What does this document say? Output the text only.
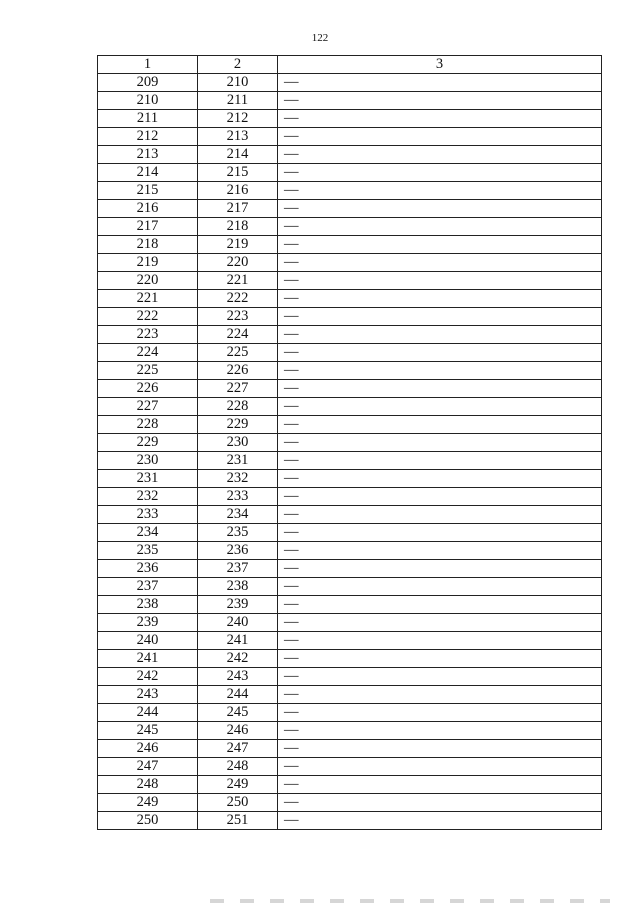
122
1	2	3
209	210	—
210	211	—
211	212	—
212	213	—
213	214	—
214	215	—
215	216	—
216	217	—
217	218	—
218	219	—
219	220	—
220	221	—
221	222	—
222	223	—
223	224	—
224	225	—
225	226	—
226	227	—
227	228	—
228	229	—
229	230	—
230	231	—
231	232	—
232	233	—
233	234	—
234	235	—
235	236	—
236	237	—
237	238	—
238	239	—
239	240	—
240	241	—
241	242	—
242	243	—
243	244	—
244	245	—
245	246	—
246	247	—
247	248	—
248	249	—
249	250	—
250	251	—
